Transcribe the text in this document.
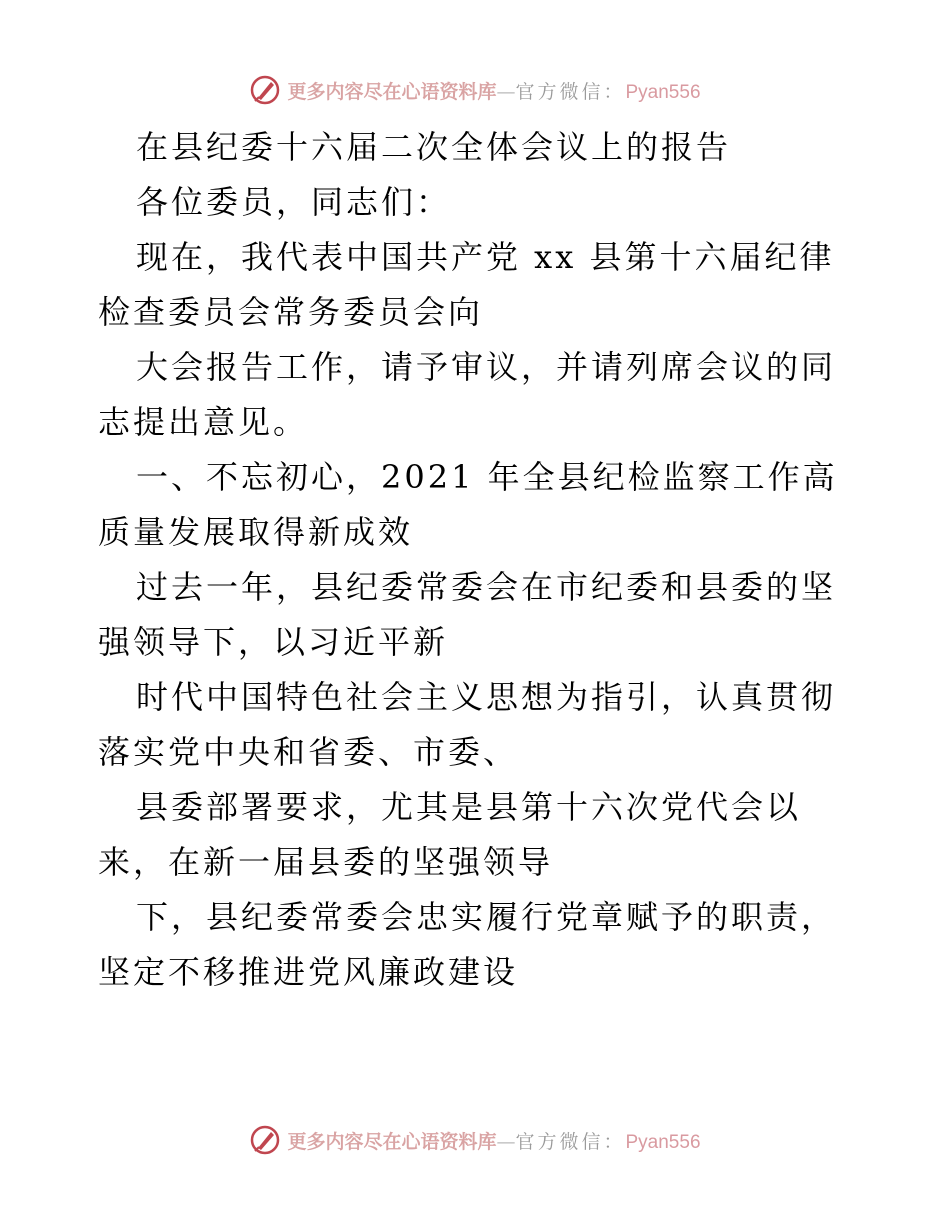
更多内容尽在心语资料库—官方微信：Pyan556

在县纪委十六届二次全体会议上的报告

各位委员，同志们：

现在，我代表中国共产党 xx 县第十六届纪律检查委员会常务委员会向

大会报告工作，请予审议，并请列席会议的同志提出意见。

一、不忘初心，2021 年全县纪检监察工作高质量发展取得新成效

过去一年，县纪委常委会在市纪委和县委的坚强领导下，以习近平新

时代中国特色社会主义思想为指引，认真贯彻落实党中央和省委、市委、

县委部署要求，尤其是县第十六次党代会以来，在新一届县委的坚强领导

下，县纪委常委会忠实履行党章赋予的职责，坚定不移推进党风廉政建设

更多内容尽在心语资料库—官方微信：Pyan556
